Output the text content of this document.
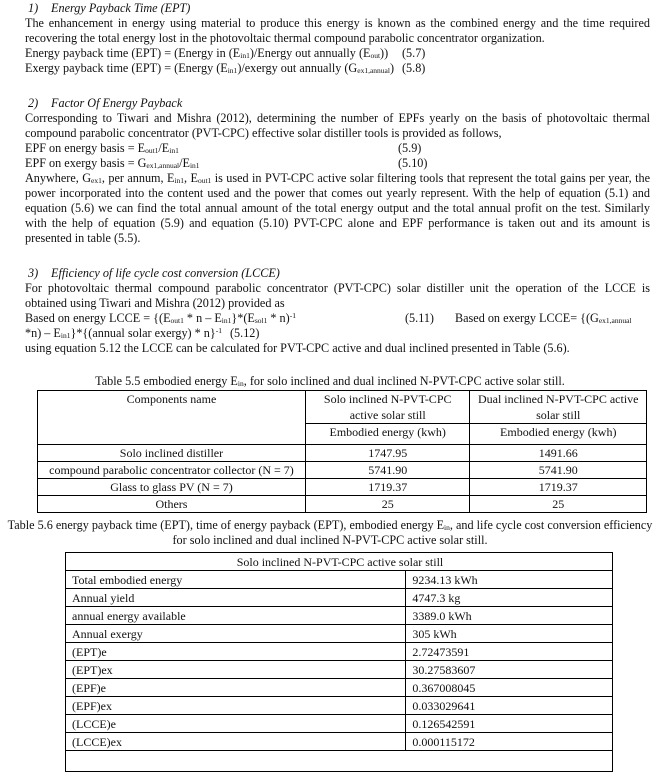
1) Energy Payback Time (EPT)
The enhancement in energy using material to produce this energy is known as the combined energy and the time required recovering the total energy lost in the photovoltaic thermal compound parabolic concentrator organization.
Energy payback time (EPT) = (Energy in $(E_{in1})$/Energy out annually $(E_{out})$) (5.7)
Exergy payback time (EPT) = (Energy $(E_{in1})$/exergy out annually $(G_{ex1,annual})$ (5.8)
2) Factor Of Energy Payback
Corresponding to Tiwari and Mishra (2012), determining the number of EPFs yearly on the basis of photovoltaic thermal compound parabolic concentrator (PVT-CPC) effective solar distiller tools is provided as follows,
EPF on energy basis = $E_{out1}/E_{in1}$	(5.9)
EPF on exergy basis = $G_{ex1,annual}/E_{in1}$	(5.10)
Anywhere, $G_{ex1}$, per annum, $E_{in1}$, $E_{out1}$ is used in PVT-CPC active solar filtering tools that represent the total gains per year, the power incorporated into the content used and the power that comes out yearly represent. With the help of equation (5.1) and equation (5.6) we can find the total annual amount of the total energy output and the total annual profit on the test. Similarly with the help of equation (5.9) and equation (5.10) PVT-CPC alone and EPF performance is taken out and its amount is presented in table (5.5).
3) Efficiency of life cycle cost conversion (LCCE)
For photovoltaic thermal compound parabolic concentrator (PVT-CPC) solar distiller unit the operation of the LCCE is obtained using Tiwari and Mishra (2012) provided as
Based on energy LCCE = {($E_{out1}$ * n – $E_{in1}\}*(E_{sol1} * n)^{-1}$	(5.11) Based on exergy LCCE= {($G_{ex1,annual}$
$*n) - E_{in1}\}*\{(annual$ solar exergy) * n}$^{-1}$ (5.12)
using equation 5.12 the LCCE can be calculated for PVT-CPC active and dual inclined presented in Table (5.6).
Table 5.5 embodied energy $E_{in}$, for solo inclined and dual inclined N-PVT-CPC active solar still.
Components name	Solo inclined N-PVT-CPC active solar still	Dual inclined N-PVT-CPC active solar still
	Embodied energy (kwh)	Embodied energy (kwh)
Solo inclined distiller	1747.95	1491.66
compound parabolic concentrator collector (N = 7)	5741.90	5741.90
Glass to glass PV (N = 7)	1719.37	1719.37
Others	25	25
Table 5.6 energy payback time (EPT), time of energy payback (EPT), embodied energy $E_{in}$, and life cycle cost conversion efficiency
for solo inclined and dual inclined N-PVT-CPC active solar still.
Solo inclined N-PVT-CPC active solar still	
Total embodied energy	9234.13 kWh
Annual yield	4747.3 kg
annual energy available	3389.0 kWh
Annual exergy	305 kWh
(EPT)e	2.72473591
(EPT)ex	30.27583607
(EPF)e	0.367008045
(EPF)ex	0.033029641
(LCCE)e	0.126542591
(LCCE)ex	0.000115172
